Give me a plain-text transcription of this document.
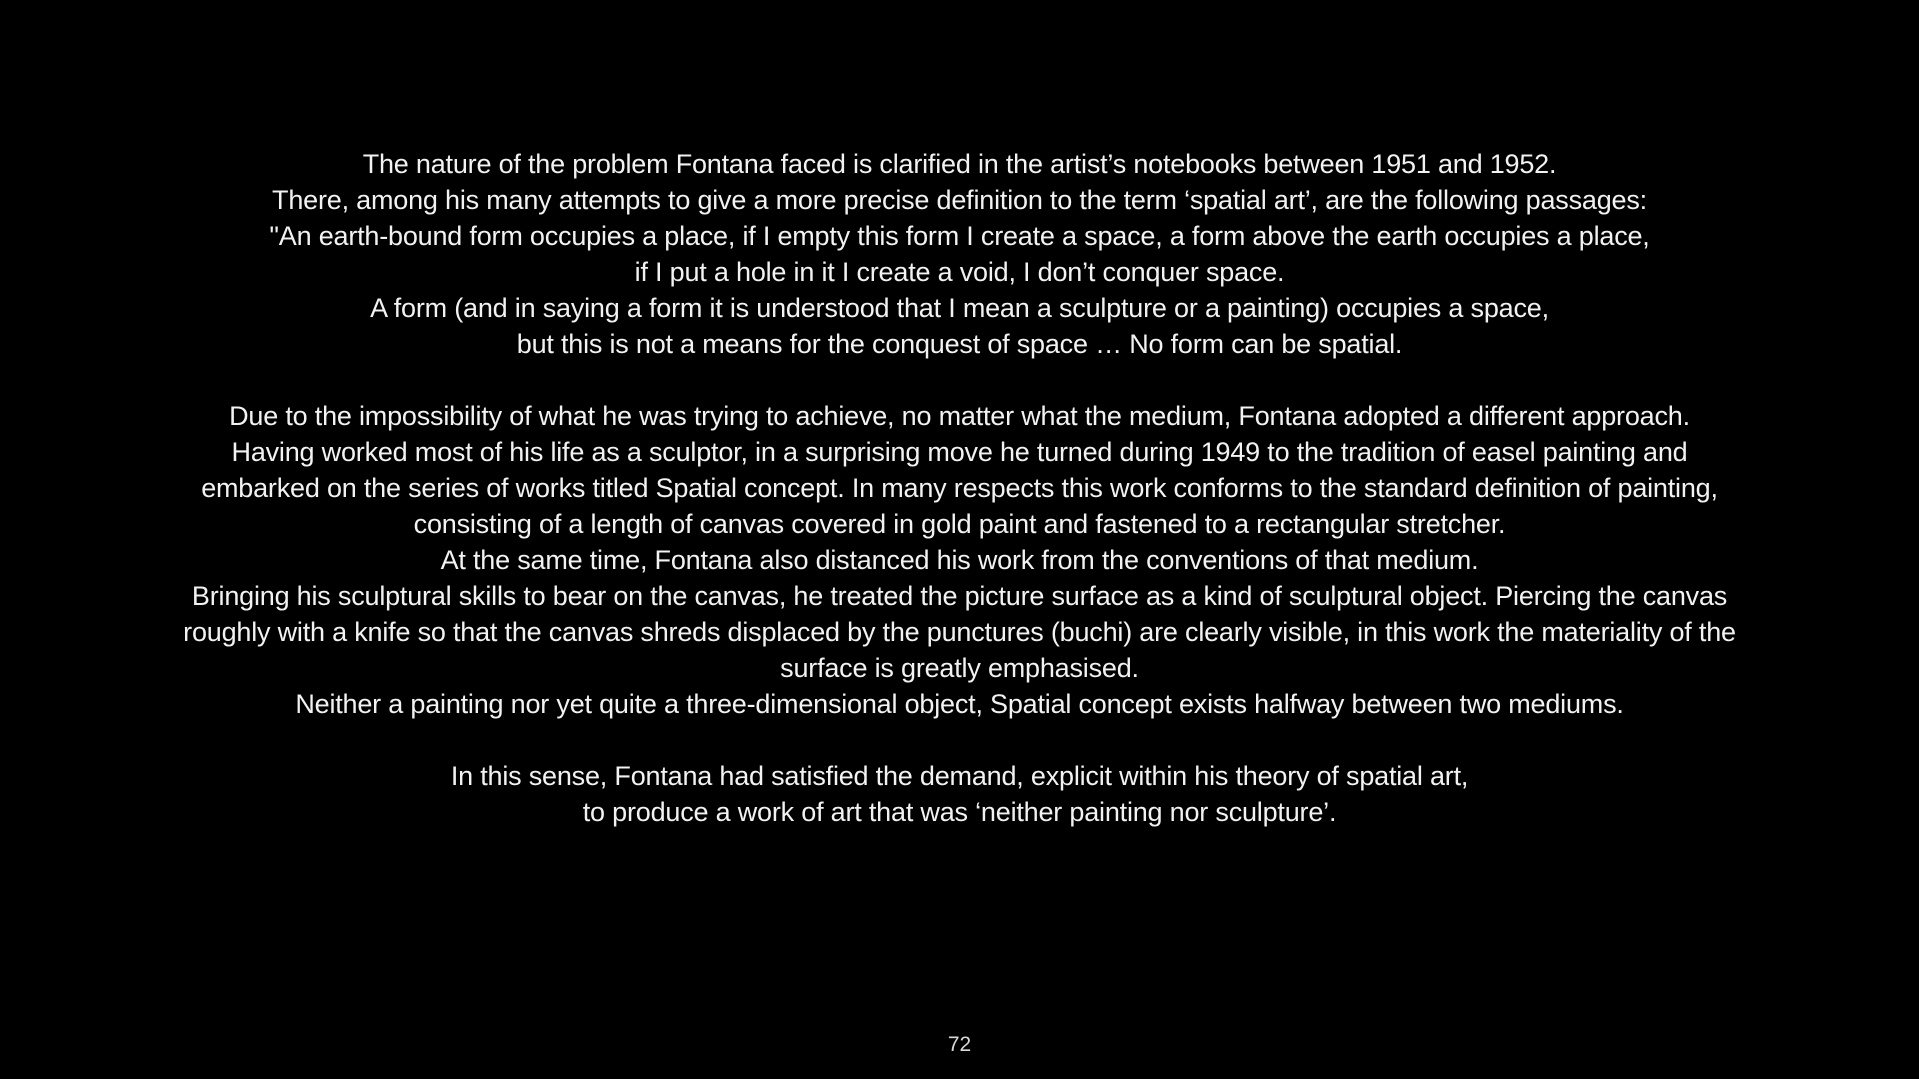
The nature of the problem Fontana faced is clarified in the artist’s notebooks between 1951 and 1952.
There, among his many attempts to give a more precise definition to the term ‘spatial art’, are the following passages:
"An earth-bound form occupies a place, if I empty this form I create a space, a form above the earth occupies a place,
if I put a hole in it I create a void, I don’t conquer space.
A form (and in saying a form it is understood that I mean a sculpture or a painting) occupies a space,
but this is not a means for the conquest of space … No form can be spatial.
Due to the impossibility of what he was trying to achieve, no matter what the medium, Fontana adopted a different approach.
Having worked most of his life as a sculptor, in a surprising move he turned during 1949 to the tradition of easel painting and
embarked on the series of works titled Spatial concept. In many respects this work conforms to the standard definition of painting,
consisting of a length of canvas covered in gold paint and fastened to a rectangular stretcher.
At the same time, Fontana also distanced his work from the conventions of that medium.
Bringing his sculptural skills to bear on the canvas, he treated the picture surface as a kind of sculptural object. Piercing the canvas
roughly with a knife so that the canvas shreds displaced by the punctures (buchi) are clearly visible, in this work the materiality of the
surface is greatly emphasised.
Neither a painting nor yet quite a three-dimensional object, Spatial concept exists halfway between two mediums.
In this sense, Fontana had satisfied the demand, explicit within his theory of spatial art,
to produce a work of art that was ‘neither painting nor sculpture’.
72
